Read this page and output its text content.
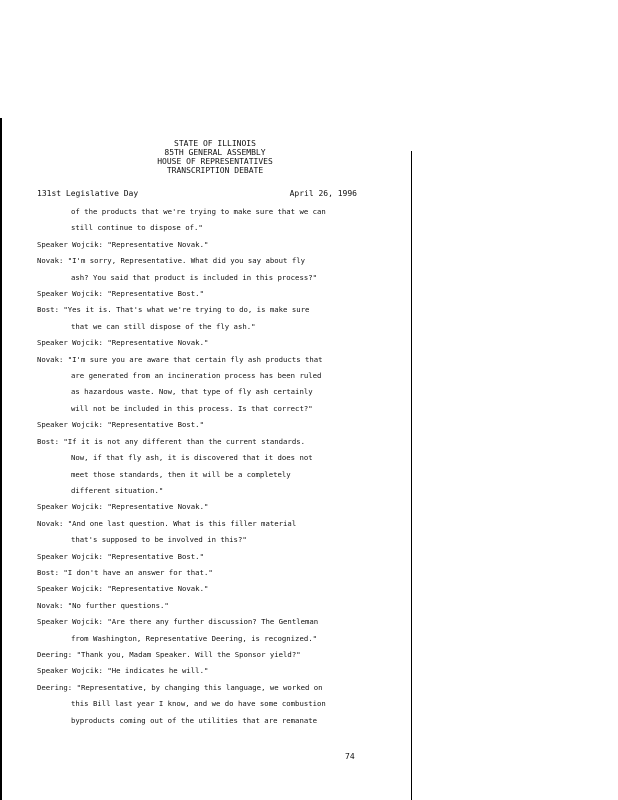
STATE OF ILLINOIS
85TH GENERAL ASSEMBLY
HOUSE OF REPRESENTATIVES
TRANSCRIPTION DEBATE
131st Legislative Day	April 26, 1996

of the products that we're trying to make sure that we can

still continue to dispose of."

Speaker Wojcik: "Representative Novak."

Novak: "I'm sorry, Representative. What did you say about fly

ash? You said that product is included in this process?"

Speaker Wojcik: "Representative Bost."

Bost: "Yes it is. That's what we're trying to do, is make sure

that we can still dispose of the fly ash."

Speaker Wojcik: "Representative Novak."

Novak: "I'm sure you are aware that certain fly ash products that

are generated from an incineration process has been ruled

as hazardous waste. Now, that type of fly ash certainly

will not be included in this process. Is that correct?"

Speaker Wojcik: "Representative Bost."

Bost: "If it is not any different than the current standards.

Now, if that fly ash, it is discovered that it does not

meet those standards, then it will be a completely

different situation."

Speaker Wojcik: "Representative Novak."

Novak: "And one last question. What is this filler material

that's supposed to be involved in this?"

Speaker Wojcik: "Representative Bost."

Bost: "I don't have an answer for that."

Speaker Wojcik: "Representative Novak."

Novak: "No further questions."

Speaker Wojcik: "Are there any further discussion? The Gentleman

from Washington, Representative Deering, is recognized."

Deering: "Thank you, Madam Speaker. Will the Sponsor yield?"

Speaker Wojcik: "He indicates he will."

Deering: "Representative, by changing this language, we worked on

this Bill last year I know, and we do have some combustion

byproducts coming out of the utilities that are remanate

74
